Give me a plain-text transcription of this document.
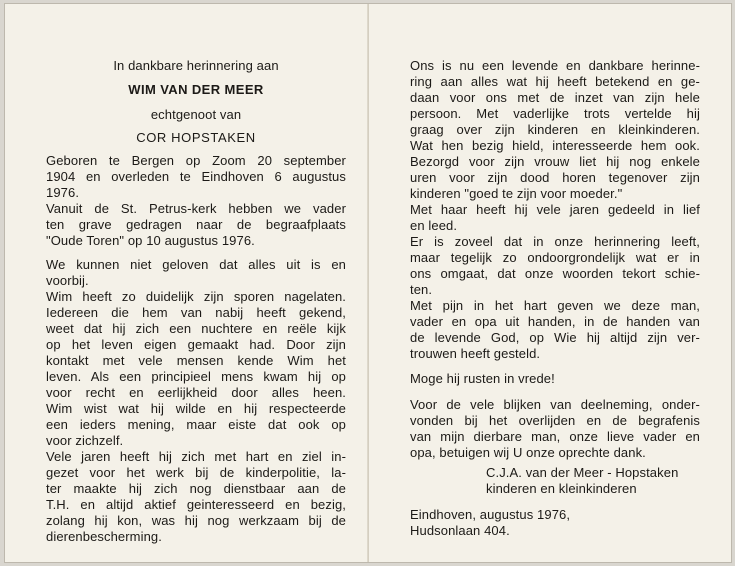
In dankbare herinnering aan
WIM VAN DER MEER
echtgenoot van
COR HOPSTAKEN
Geboren te Bergen op Zoom 20 september
1904 en overleden te Eindhoven 6 augustus
1976.
Vanuit de St. Petrus-kerk hebben we vader
ten grave gedragen naar de begraafplaats
"Oude Toren" op 10 augustus 1976.
We kunnen niet geloven dat alles uit is en
voorbij.
Wim heeft zo duidelijk zijn sporen nagelaten.
Iedereen die hem van nabij heeft gekend,
weet dat hij zich een nuchtere en reële kijk
op het leven eigen gemaakt had. Door zijn
kontakt met vele mensen kende Wim het
leven. Als een principieel mens kwam hij op
voor recht en eerlijkheid door alles heen.
Wim wist wat hij wilde en hij respecteerde
een ieders mening, maar eiste dat ook op
voor zichzelf.
Vele jaren heeft hij zich met hart en ziel in-
gezet voor het werk bij de kinderpolitie, la-
ter maakte hij zich nog dienstbaar aan de
T.H. en altijd aktief geinteresseerd en bezig,
zolang hij kon, was hij nog werkzaam bij de
dierenbescherming.
Ons is nu een levende en dankbare herinne-
ring aan alles wat hij heeft betekend en ge-
daan voor ons met de inzet van zijn hele
persoon. Met vaderlijke trots vertelde hij
graag over zijn kinderen en kleinkinderen.
Wat hen bezig hield, interesseerde hem ook.
Bezorgd voor zijn vrouw liet hij nog enkele
uren voor zijn dood horen tegenover zijn
kinderen "goed te zijn voor moeder."
Met haar heeft hij vele jaren gedeeld in lief
en leed.
Er is zoveel dat in onze herinnering leeft,
maar tegelijk zo ondoorgrondelijk wat er in
ons omgaat, dat onze woorden tekort schie-
ten.
Met pijn in het hart geven we deze man,
vader en opa uit handen, in de handen van
de levende God, op Wie hij altijd zijn ver-
trouwen heeft gesteld.
Moge hij rusten in vrede!
Voor de vele blijken van deelneming, onder-
vonden bij het overlijden en de begrafenis
van mijn dierbare man, onze lieve vader en
opa, betuigen wij U onze oprechte dank.
C.J.A. van der Meer - Hopstaken
kinderen en kleinkinderen
Eindhoven, augustus 1976,
Hudsonlaan 404.
